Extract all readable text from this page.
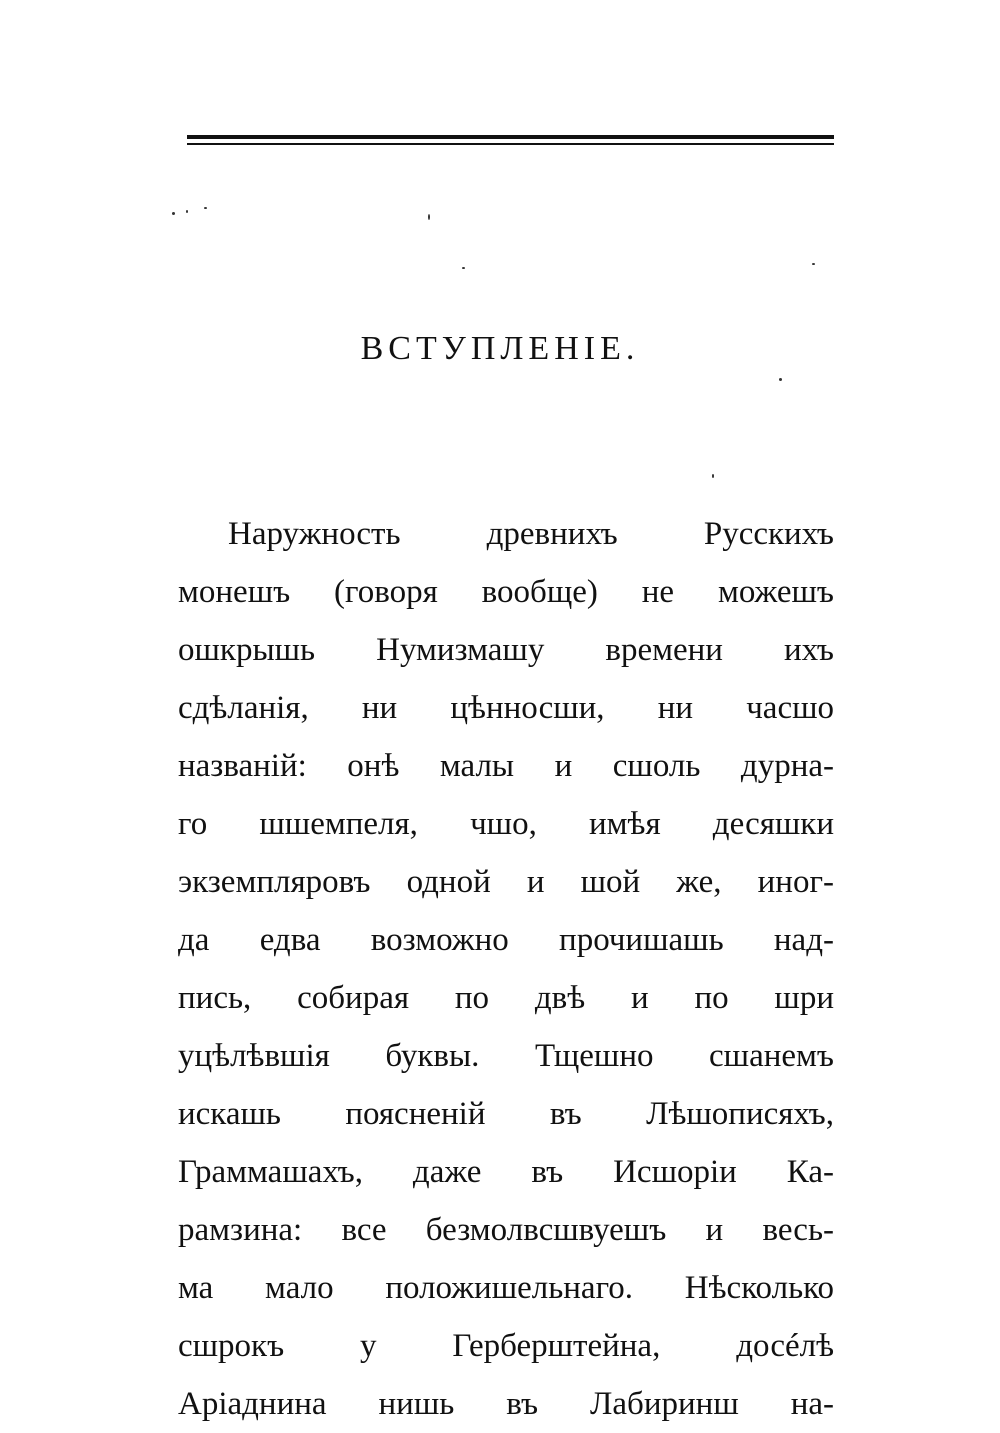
ВСТУПЛЕНІЕ.
Наружность древнихъ Русскихъ
монешъ (говоря вообще) не можешъ
ошкрышь Нумизмашу времени ихъ
сдѣланія, ни цѣнносши, ни часшо
названій: онѣ малы и сшоль дурна-
го шшемпеля, чшо, имѣя десяшки
экземпляровъ одной и шой же, иног-
да едва возможно прочишашь над-
пись, собирая по двѣ и по шри
уцѣлѣвшія буквы. Тщешно сшанемъ
искашь поясненій въ Лѣшописяхъ,
Граммашахъ, даже въ Исшоріи Ка-
рамзина: все безмолвсшвуешъ и весь-
ма мало положишельнаго. Нѣсколько
сшрокъ у Герберштейна, досéлѣ
Аріаднина нишь въ Лабиринш на-
